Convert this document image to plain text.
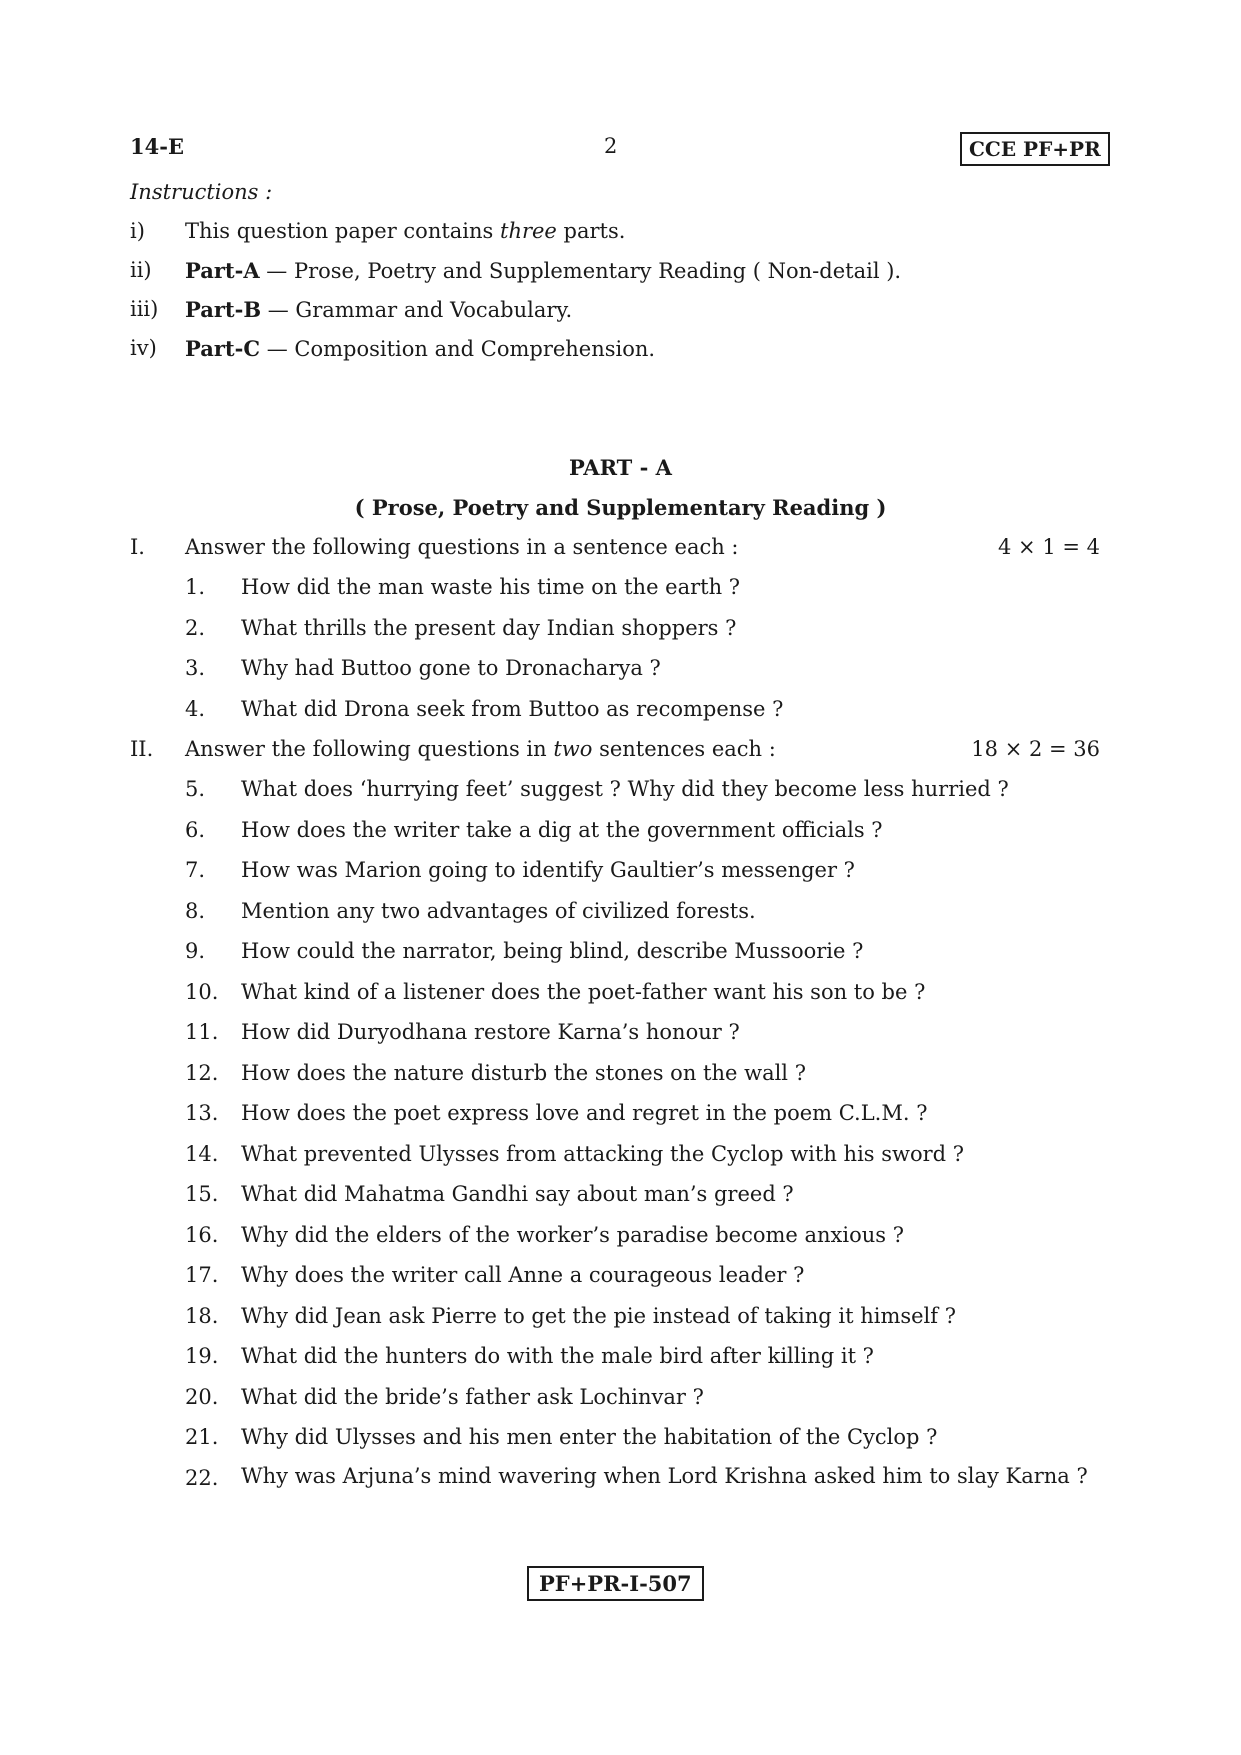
14-E	2	CCE PF+PR
Instructions :
i)	This question paper contains three parts.
ii)	Part-A — Prose, Poetry and Supplementary Reading ( Non-detail ).
iii)	Part-B — Grammar and Vocabulary.
iv)	Part-C — Composition and Comprehension.
PART - A
( Prose, Poetry and Supplementary Reading )
I.	Answer the following questions in a sentence each :	4 × 1 = 4
1.	How did the man waste his time on the earth ?
2.	What thrills the present day Indian shoppers ?
3.	Why had Buttoo gone to Dronacharya ?
4.	What did Drona seek from Buttoo as recompense ?
II.	Answer the following questions in two sentences each :	18 × 2 = 36
5.	What does ‘hurrying feet’ suggest ? Why did they become less hurried ?
6.	How does the writer take a dig at the government officials ?
7.	How was Marion going to identify Gaultier’s messenger ?
8.	Mention any two advantages of civilized forests.
9.	How could the narrator, being blind, describe Mussoorie ?
10.	What kind of a listener does the poet-father want his son to be ?
11.	How did Duryodhana restore Karna’s honour ?
12.	How does the nature disturb the stones on the wall ?
13.	How does the poet express love and regret in the poem C.L.M. ?
14.	What prevented Ulysses from attacking the Cyclop with his sword ?
15.	What did Mahatma Gandhi say about man’s greed ?
16.	Why did the elders of the worker’s paradise become anxious ?
17.	Why does the writer call Anne a courageous leader ?
18.	Why did Jean ask Pierre to get the pie instead of taking it himself ?
19.	What did the hunters do with the male bird after killing it ?
20.	What did the bride’s father ask Lochinvar ?
21.	Why did Ulysses and his men enter the habitation of the Cyclop ?
22.	Why was Arjuna’s mind wavering when Lord Krishna asked him to slay Karna ?
PF+PR-I-507
